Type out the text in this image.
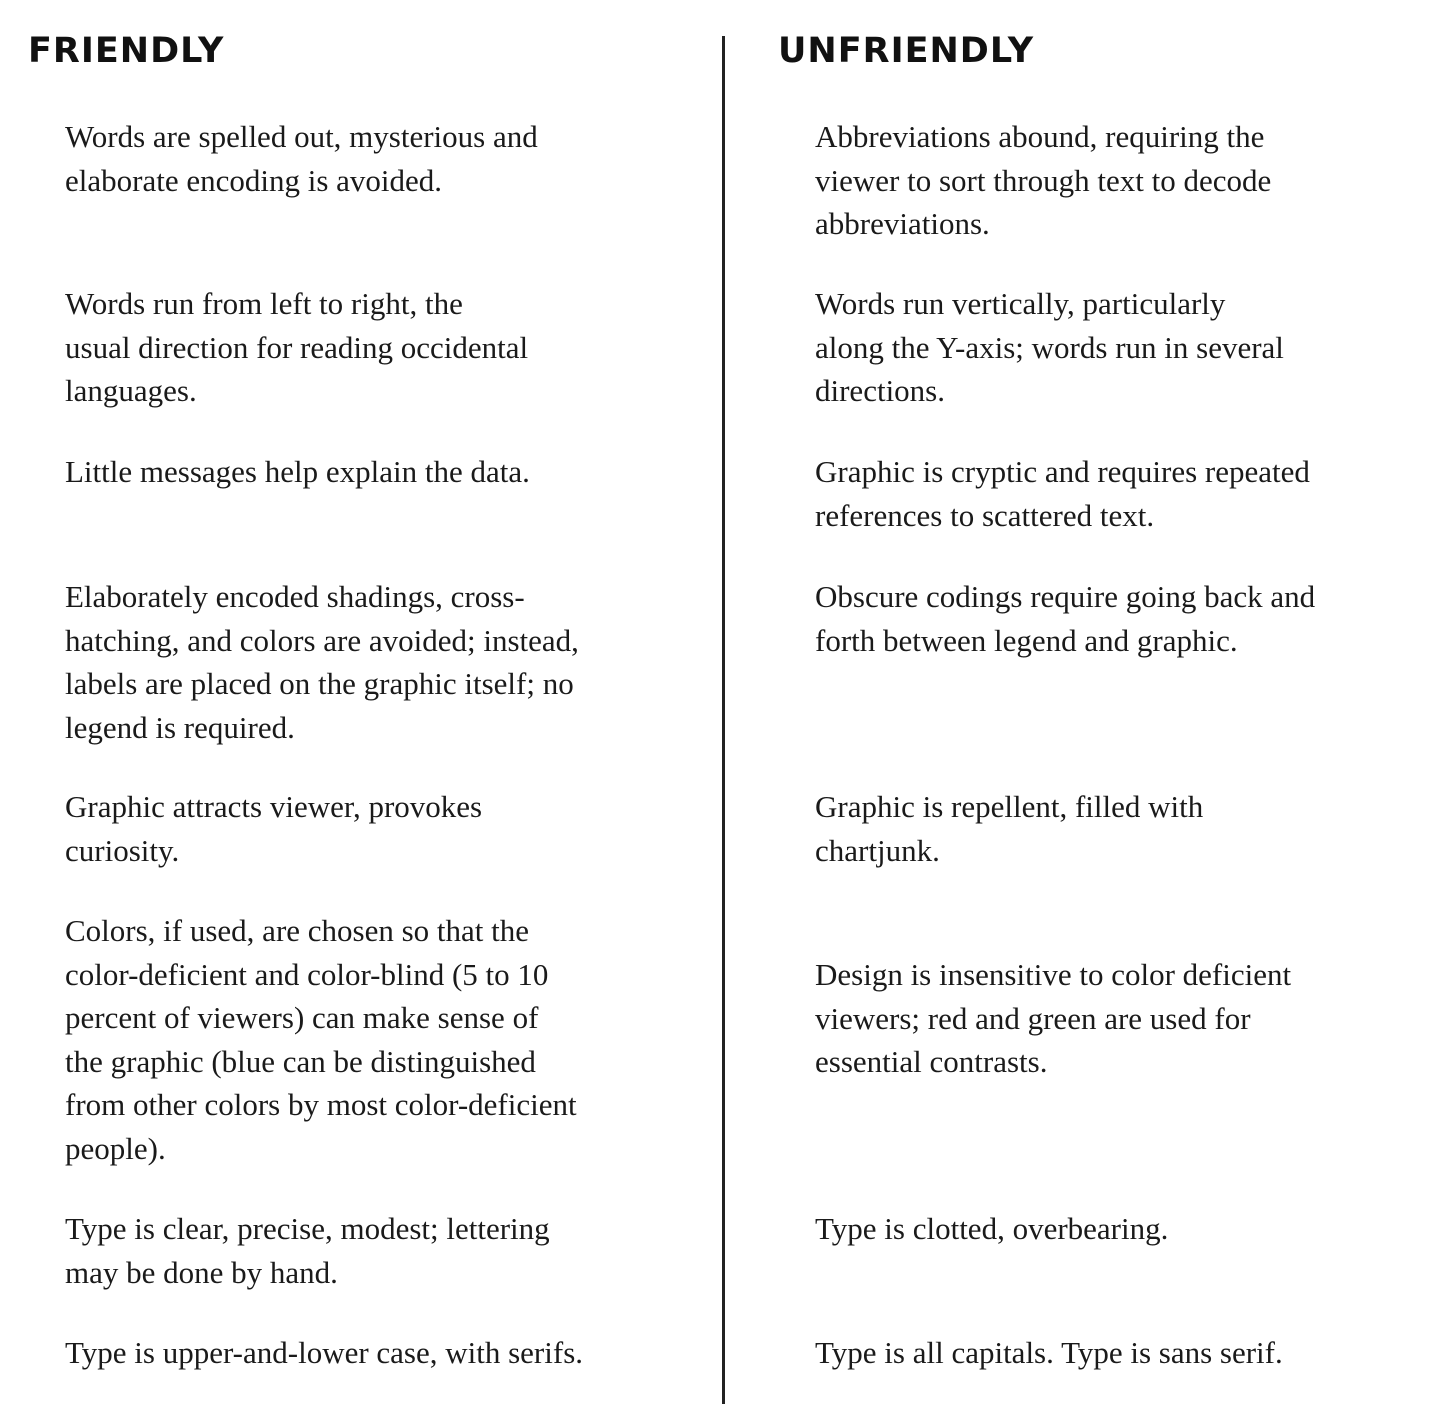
FRIENDLY	UNFRIENDLY

Words are spelled out, mysterious and
elaborate encoding is avoided.

Words run from left to right, the
usual direction for reading occidental
languages.

Little messages help explain the data.

Elaborately encoded shadings, cross-
hatching, and colors are avoided; instead,
labels are placed on the graphic itself; no
legend is required.

Graphic attracts viewer, provokes
curiosity.

Colors, if used, are chosen so that the
color-deficient and color-blind (5 to 10
percent of viewers) can make sense of
the graphic (blue can be distinguished
from other colors by most color-deficient
people).

Type is clear, precise, modest; lettering
may be done by hand.

Type is upper-and-lower case, with serifs.

Abbreviations abound, requiring the
viewer to sort through text to decode
abbreviations.

Words run vertically, particularly
along the Y-axis; words run in several
directions.

Graphic is cryptic and requires repeated
references to scattered text.

Obscure codings require going back and
forth between legend and graphic.

Graphic is repellent, filled with
chartjunk.

Design is insensitive to color deficient
viewers; red and green are used for
essential contrasts.

Type is clotted, overbearing.

Type is all capitals. Type is sans serif.
